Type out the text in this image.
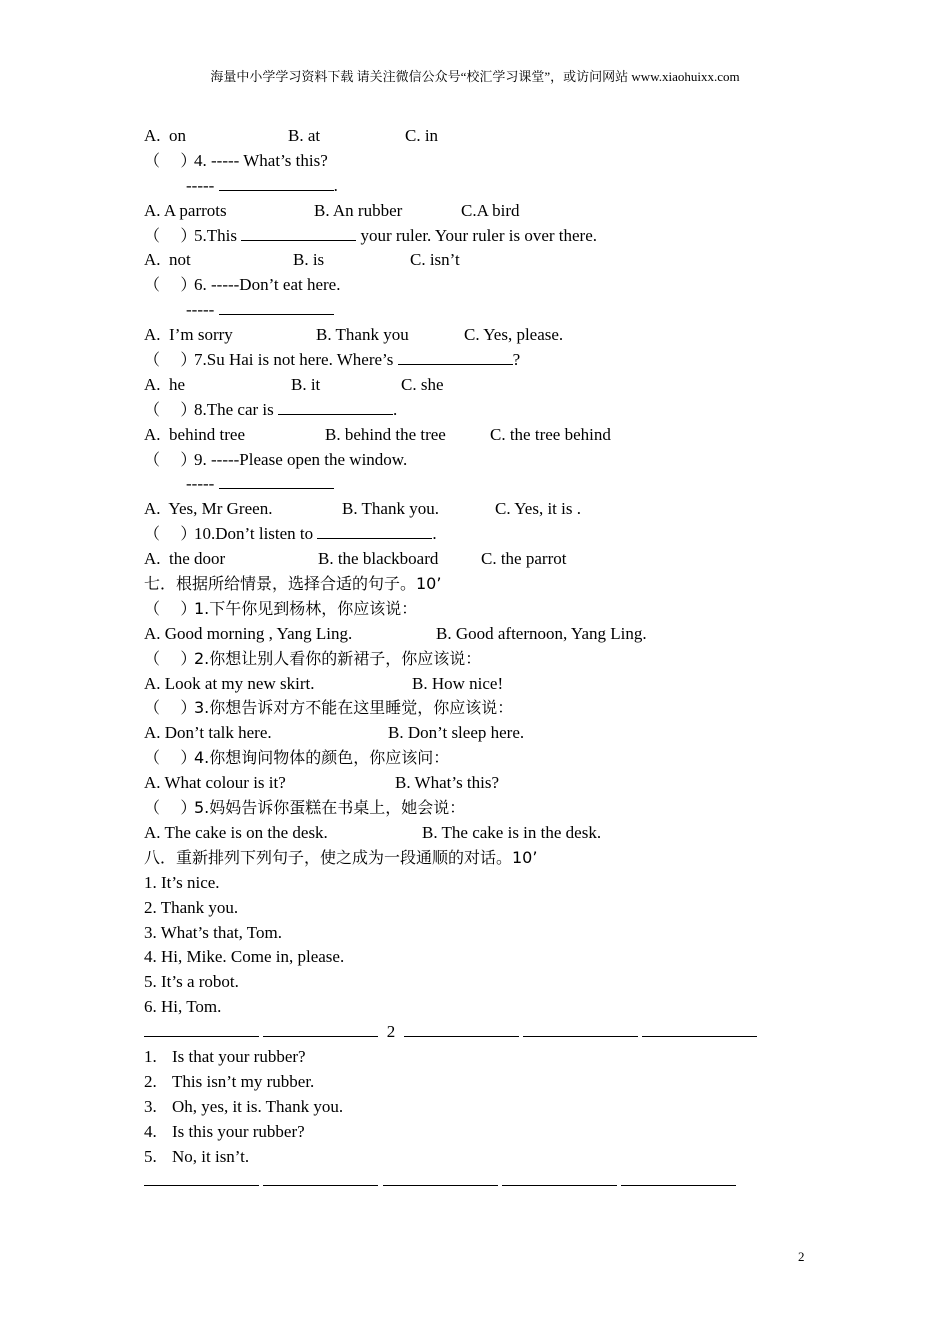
海量中小学学习资料下载 请关注微信公众号“校汇学习课堂”，或访问网站 www.xiaohuixx.com

A.  on

	B. at

	C. in

（    ）4. ----- What’s this?
-----	.

A. A parrots

	B. An rubber

	C.A bird

（    ）5.This	your ruler. Your ruler is over there.

A.  not

	B. is

	C. isn’t

（    ）6. -----Don’t eat here.
-----

A.  I’m sorry

	B. Thank you

	C. Yes, please.

（    ）7.Su Hai is not here. Where’s	?

A.  he

	B. it

	C. she

（    ）8.The car is	.

A.  behind tree

	B. behind the tree

	C. the tree behind

（    ）9. -----Please open the window.
-----

A.  Yes, Mr Green.

	B. Thank you.

	C. Yes, it is .

（    ）10.Don’t listen to	.

A.  the door

	B. the blackboard

	C. the parrot

七．根据所给情景，选择合适的句子。10’
（    ）1.下午你见到杨林，你应该说：

A. Good morning , Yang Ling.

	B. Good afternoon, Yang Ling.

（    ）2.你想让别人看你的新裙子，你应该说：

A. Look at my new skirt.

	B. How nice!

（    ）3.你想告诉对方不能在这里睡觉，你应该说：

A. Don’t talk here.

	B. Don’t sleep here.

（    ）4.你想询问物体的颜色，你应该问：

A. What colour is it?

	B. What’s this?

（    ）5.妈妈告诉你蛋糕在书桌上，她会说：

A. The cake is on the desk.

	B. The cake is in the desk.

八．重新排列下列句子，使之成为一段通顺的对话。10’
1. It’s nice.
2. Thank you.
3. What’s that, Tom.
4. Hi, Mike. Come in, please.
5. It’s a robot.
6. Hi, Tom.
2
1. Is that your rubber?
2. This isn’t my rubber.
3. Oh, yes, it is. Thank you.
4. Is this your rubber?
5. No, it isn’t.

2
